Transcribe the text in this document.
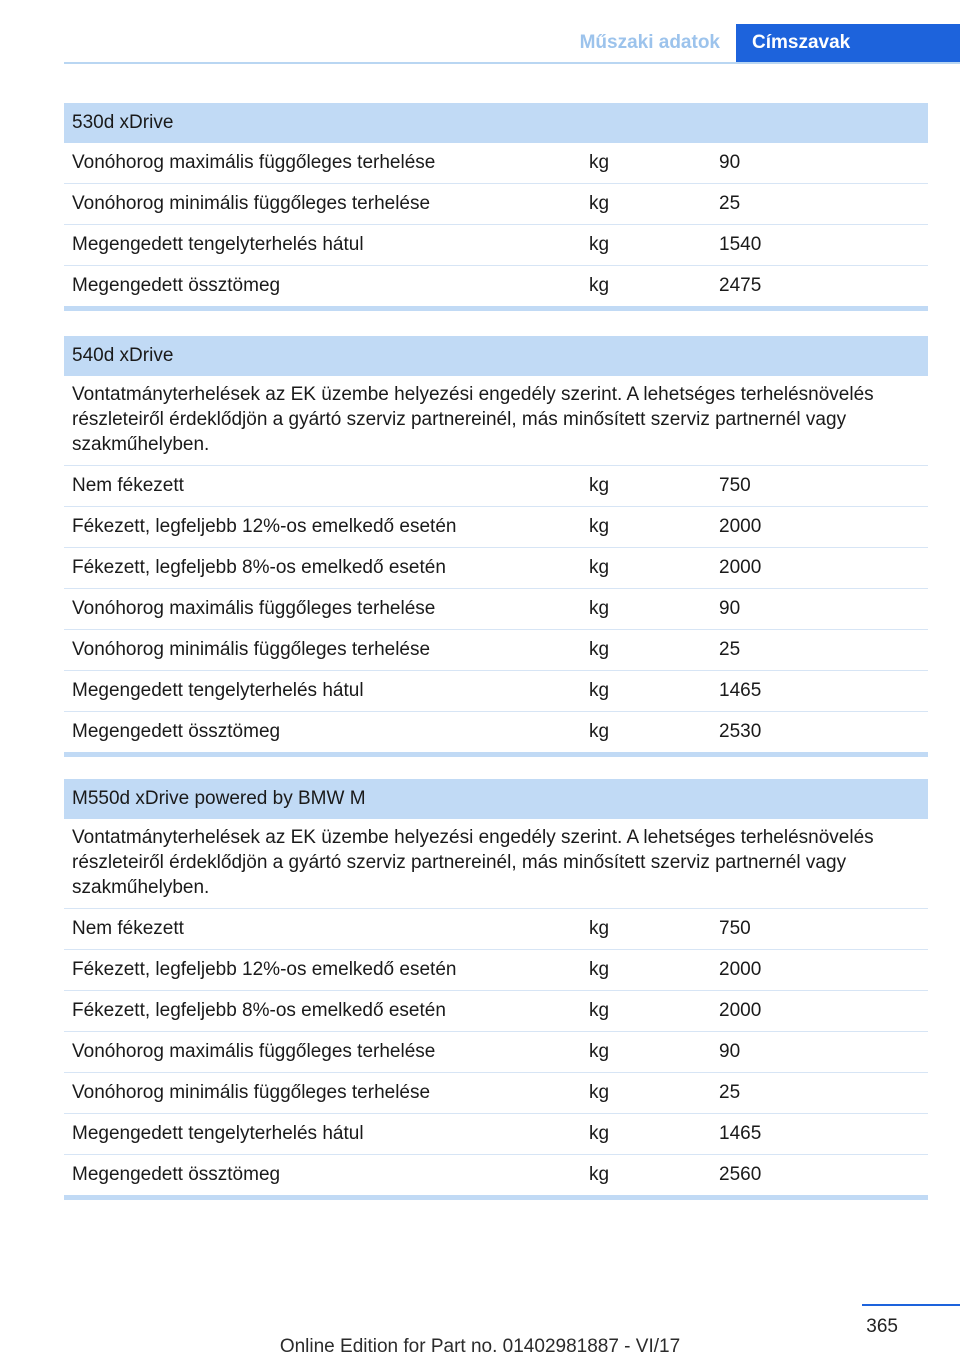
Műszaki adatok	Címszavak
530d xDrive
Vonóhorog maximális függőleges terhelése	kg	90
Vonóhorog minimális függőleges terhelése	kg	25
Megengedett tengelyterhelés hátul	kg	1540
Megengedett össztömeg	kg	2475
540d xDrive
Vontatmányterhelések az EK üzembe helyezési engedély szerint. A lehetséges terhelésnövelés részleteiről érdeklődjön a gyártó szerviz partnereinél, más minősített szerviz partnernél vagy szakműhelyben.
Nem fékezett	kg	750
Fékezett, legfeljebb 12%-os emelkedő esetén	kg	2000
Fékezett, legfeljebb 8%-os emelkedő esetén	kg	2000
Vonóhorog maximális függőleges terhelése	kg	90
Vonóhorog minimális függőleges terhelése	kg	25
Megengedett tengelyterhelés hátul	kg	1465
Megengedett össztömeg	kg	2530
M550d xDrive powered by BMW M
Vontatmányterhelések az EK üzembe helyezési engedély szerint. A lehetséges terhelésnövelés részleteiről érdeklődjön a gyártó szerviz partnereinél, más minősített szerviz partnernél vagy szakműhelyben.
Nem fékezett	kg	750
Fékezett, legfeljebb 12%-os emelkedő esetén	kg	2000
Fékezett, legfeljebb 8%-os emelkedő esetén	kg	2000
Vonóhorog maximális függőleges terhelése	kg	90
Vonóhorog minimális függőleges terhelése	kg	25
Megengedett tengelyterhelés hátul	kg	1465
Megengedett össztömeg	kg	2560
365
Online Edition for Part no. 01402981887 - VI/17
